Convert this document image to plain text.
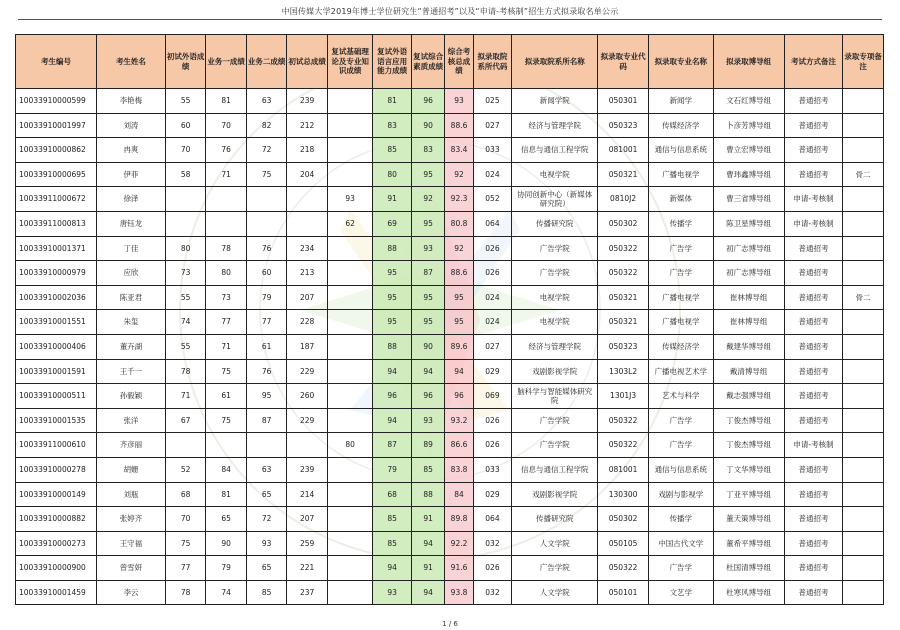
中国传媒大学2019年博士学位研究生“普通招考”以及“申请-考核制”招生方式拟录取名单公示
考生编号	考生姓名	初试外语成绩	业务一成绩	业务二成绩	初试总成绩	复试基础理论及专业知识成绩	复试外语语言应用能力成绩	复试综合素质成绩	综合考核总成绩	拟录取院系所代码	拟录取院系所名称	拟录取专业代码	拟录取专业名称	拟录取博导组	考试方式备注	录取专项备注
10033910000599	李艳梅	55	81	63	239		81	96	93	025	新闻学院	050301	新闻学	文石红博导组	普通招考	
10033910001997	刘涛	60	70	82	212		83	90	88.6	027	经济与管理学院	050323	传媒经济学	卜彦芳博导组	普通招考	
10033910000862	冉爽	70	76	72	218		85	83	83.4	033	信息与通信工程学院	081001	通信与信息系统	曹立宏博导组	普通招考	
10033910000695	伊菲	58	71	75	204		80	95	92	024	电视学院	050321	广播电视学	曹玮鑫博导组	普通招考	骨二
10033911000672	徐泽					93	91	92	92.3	052	协同创新中心（新媒体研究院）	0810J2	新媒体	曹三省博导组	申请-考核制	
10033911000813	唐钰龙					62	69	95	80.8	064	传播研究院	050302	传播学	陈卫星博导组	申请-考核制	
10033910001371	丁佳	80	78	76	234		88	93	92	026	广告学院	050322	广告学	初广志博导组	普通招考	
10033910000979	应欣	73	80	60	213		95	87	88.6	026	广告学院	050322	广告学	初广志博导组	普通招考	
10033910002036	陈亚君	55	73	79	207		95	95	95	024	电视学院	050321	广播电视学	崔林博导组	普通招考	骨二
10033910001551	朱玺	74	77	77	228		95	95	95	024	电视学院	050321	广播电视学	崔林博导组	普通招考	
10033910000406	董卉湖	55	71	61	187		88	90	89.6	027	经济与管理学院	050323	传媒经济学	戴建华博导组	普通招考	
10033910001591	王千一	78	75	76	229		94	94	94	029	戏剧影视学院	1303L2	广播电视艺术学	戴清博导组	普通招考	
10033910000511	孙毅颖	71	61	95	260		96	96	96	069	脑科学与智能媒体研究院	1301J3	艺术与科学	戴志强博导组	普通招考	
10033910001535	张洋	67	75	87	229		94	93	93.2	026	广告学院	050322	广告学	丁俊杰博导组	普通招考	
10033911000610	齐彦丽					80	87	89	86.6	026	广告学院	050322	广告学	丁俊杰博导组	申请-考核制	
10033910000278	胡姗	52	84	63	239		79	85	83.8	033	信息与通信工程学院	081001	通信与信息系统	丁文华博导组	普通招考	
10033910000149	刘瓶	68	81	65	214		68	88	84	029	戏剧影视学院	130300	戏剧与影视学	丁亚平博导组	普通招考	
10033910000882	张婷齐	70	65	72	207		85	91	89.8	064	传播研究院	050302	传播学	董天策博导组	普通招考	
10033910000273	王守福	75	90	93	259		85	94	92.2	032	人文学院	050105	中国古代文学	董希平博导组	普通招考	
10033910000900	曾雪妍	77	79	65	221		94	91	91.6	026	广告学院	050322	广告学	杜国清博导组	普通招考	
10033910001459	李云	78	74	85	237		93	94	93.8	032	人文学院	050101	文艺学	杜寒风博导组	普通招考	
1 / 6
